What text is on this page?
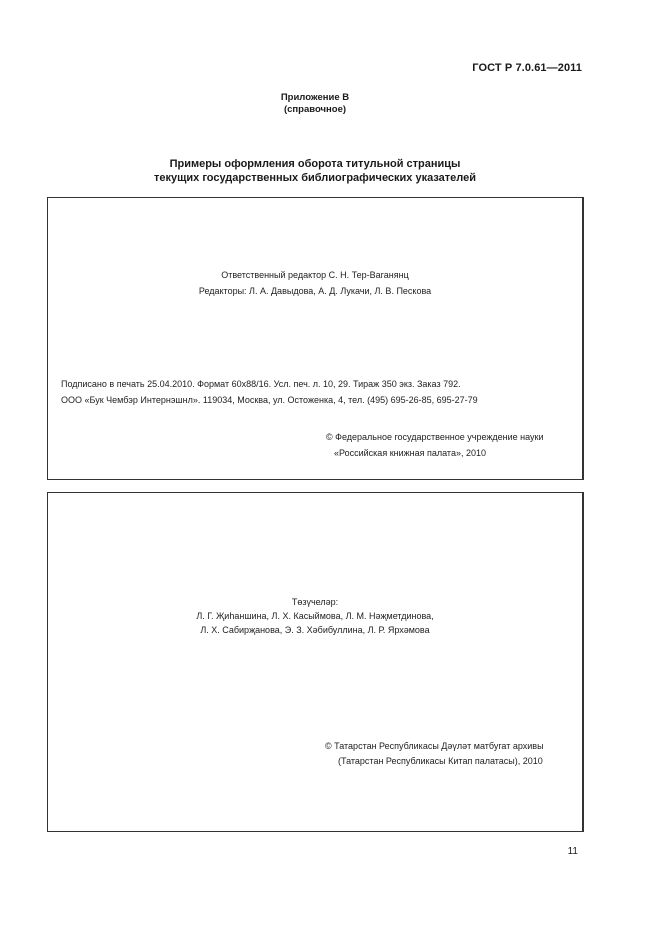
ГОСТ Р 7.0.61—2011
Приложение В
(справочное)
Примеры оформления оборота титульной страницы
текущих государственных библиографических указателей
Ответственный редактор С. Н. Тер-Ваганянц
Редакторы: Л. А. Давыдова, А. Д. Лукачи, Л. В. Пескова
Подписано в печать 25.04.2010. Формат 60х88/16. Усл. печ. л. 10, 29. Тираж 350 экз. Заказ 792.
ООО «Бук Чембэр Интернэшнл». 119034, Москва, ул. Остоженка, 4, тел. (495) 695-26-85, 695-27-79
© Федеральное государственное учреждение науки
«Российская книжная палата», 2010
Төзүчеләр:
Л. Г. Җиһаншина, Л. Х. Касыймова, Л. М. Нәҗметдинова,
Л. Х. Сабирҗанова, Э. З. Хәбибуллина, Л. Р. Ярхәмова
© Татарстан Республикасы Дәүләт матбугат архивы
(Татарстан Республикасы Китап палатасы), 2010
11
